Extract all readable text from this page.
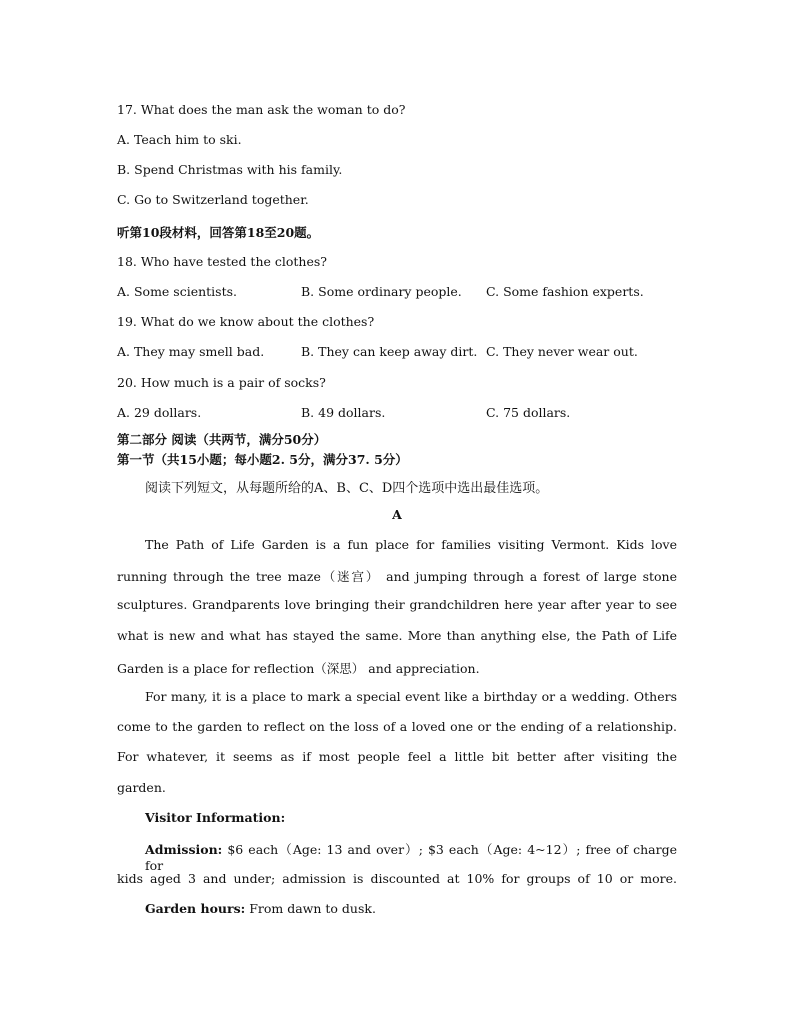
17. What does the man ask the woman to do?
A. Teach him to ski.
B. Spend Christmas with his family.
C. Go to Switzerland together.
听第10段材料，回答第18至20题。
18. Who have tested the clothes?
A. Some scientists.	B. Some ordinary people. C. Some fashion experts.
19. What do we know about the clothes?
A. They may smell bad.	B. They can keep away dirt. C. They never wear out.
20. How much is a pair of socks?
A. 29 dollars.	B. 49 dollars.	C. 75 dollars.
第二部分 阅读（共两节，满分50分）
第一节（共15小题；每小题2. 5分，满分37. 5分）
阅读下列短文，从每题所给的A、B、C、D四个选项中选出最佳选项。
A
The Path of Life Garden is a fun place for families visiting Vermont. Kids love
running through the tree maze（迷宫） and jumping through a forest of large stone
sculptures. Grandparents love bringing their grandchildren here year after year to see
what is new and what has stayed the same. More than anything else, the Path of Life
Garden is a place for reflection（深思） and appreciation.
For many, it is a place to mark a special event like a birthday or a wedding. Others
come to the garden to reflect on the loss of a loved one or the ending of a relationship.
For whatever, it seems as if most people feel a little bit better after visiting the
garden.
Visitor Information:
Admission: $6 each（Age: 13 and over）; $3 each（Age: 4~12）; free of charge for
kids aged 3 and under; admission is discounted at 10% for groups of 10 or more.
Garden hours: From dawn to dusk.
